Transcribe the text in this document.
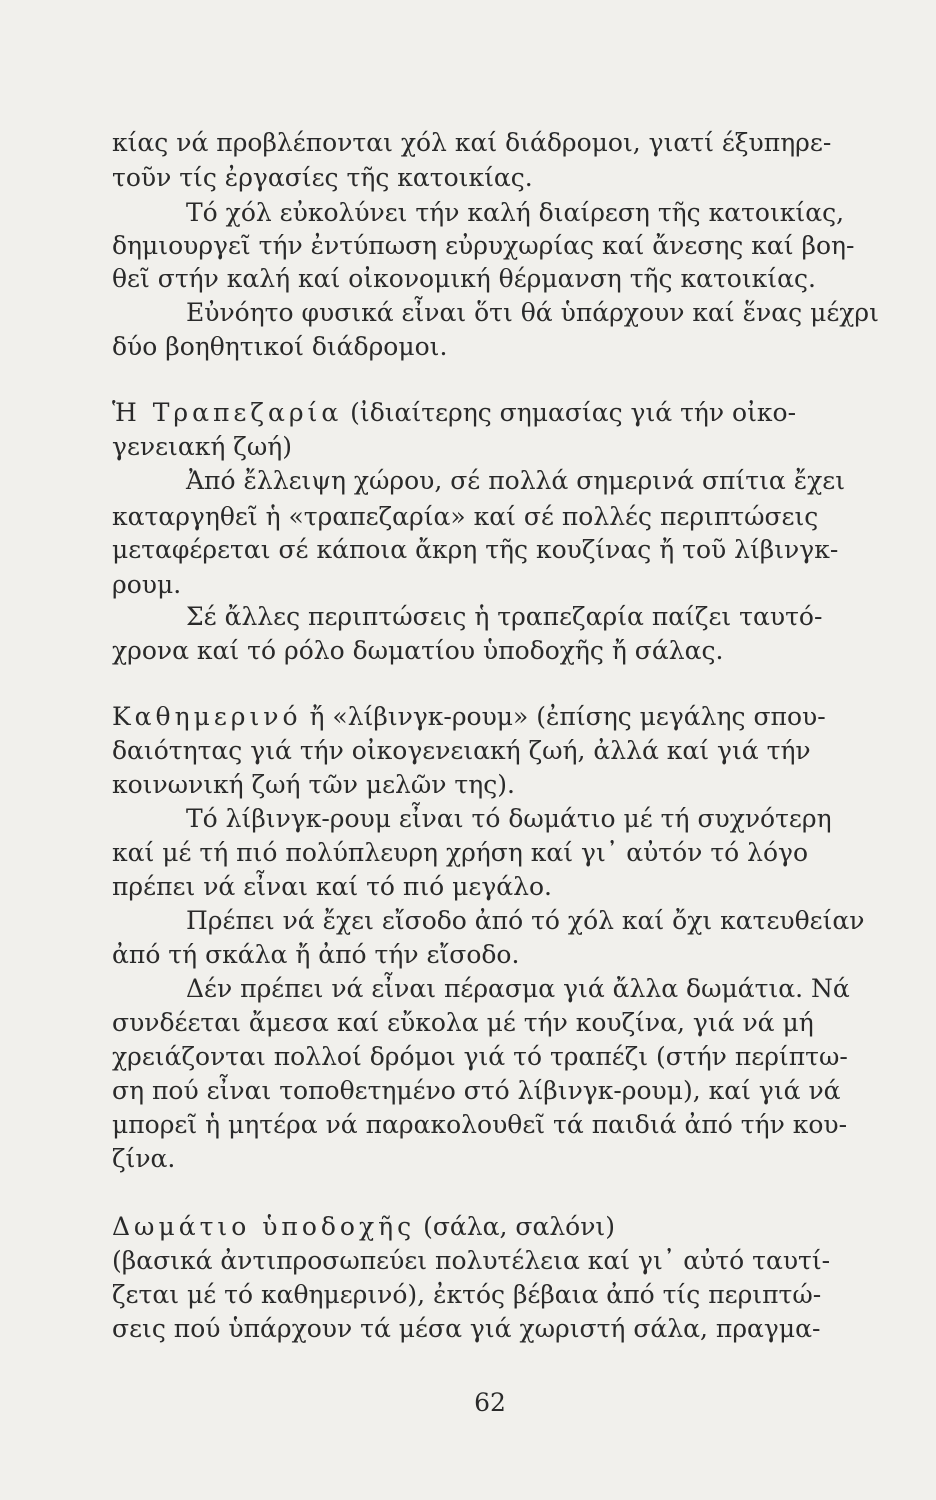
κίας νά προβλέπονται χόλ καί διάδρομοι, γιατί έξυπηρε-
τοῦν τίς ἐργασίες τῆς κατοικίας.
Τό χόλ εὐκολύνει τήν καλή διαίρεση τῆς κατοικίας,
δημιουργεῖ τήν ἐντύπωση εὐρυχωρίας καί ἄνεσης καί βοη-
θεῖ στήν καλή καί οἰκονομική θέρμανση τῆς κατοικίας.
Εὐνόητο φυσικά εἶναι ὅτι θά ὑπάρχουν καί ἕνας μέχρι
δύο βοηθητικοί διάδρομοι.
Ἡ Τραπεζαρία (ἰδιαίτερης σημασίας γιά τήν οἰκο-
γενειακή ζωή)
Ἀπό ἔλλειψη χώρου, σέ πολλά σημερινά σπίτια ἔχει
καταργηθεῖ ἡ «τραπεζαρία» καί σέ πολλές περιπτώσεις
μεταφέρεται σέ κάποια ἄκρη τῆς κουζίνας ἤ τοῦ λίβινγκ-
ρουμ.
Σέ ἄλλες περιπτώσεις ἡ τραπεζαρία παίζει ταυτό-
χρονα καί τό ρόλο δωματίου ὑποδοχῆς ἤ σάλας.
Καθημερινό ἤ «λίβινγκ-ρουμ» (ἐπίσης μεγάλης σπου-
δαιότητας γιά τήν οἰκογενειακή ζωή, ἀλλά καί γιά τήν
κοινωνική ζωή τῶν μελῶν της).
Τό λίβινγκ-ρουμ εἶναι τό δωμάτιο μέ τή συχνότερη
καί μέ τή πιό πολύπλευρη χρήση καί γι᾽ αὐτόν τό λόγο
πρέπει νά εἶναι καί τό πιό μεγάλο.
Πρέπει νά ἔχει εἴσοδο ἀπό τό χόλ καί ὄχι κατευθείαν
ἀπό τή σκάλα ἤ ἀπό τήν εἴσοδο.
Δέν πρέπει νά εἶναι πέρασμα γιά ἄλλα δωμάτια. Νά
συνδέεται ἄμεσα καί εὔκολα μέ τήν κουζίνα, γιά νά μή
χρειάζονται πολλοί δρόμοι γιά τό τραπέζι (στήν περίπτω-
ση πού εἶναι τοποθετημένο στό λίβινγκ-ρουμ), καί γιά νά
μπορεῖ ἡ μητέρα νά παρακολουθεῖ τά παιδιά ἀπό τήν κου-
ζίνα.
Δωμάτιο ὑποδοχῆς (σάλα, σαλόνι)
(βασικά ἀντιπροσωπεύει πολυτέλεια καί γι᾽ αὐτό ταυτί-
ζεται μέ τό καθημερινό), ἐκτός βέβαια ἀπό τίς περιπτώ-
σεις πού ὑπάρχουν τά μέσα γιά χωριστή σάλα, πραγμα-
62
